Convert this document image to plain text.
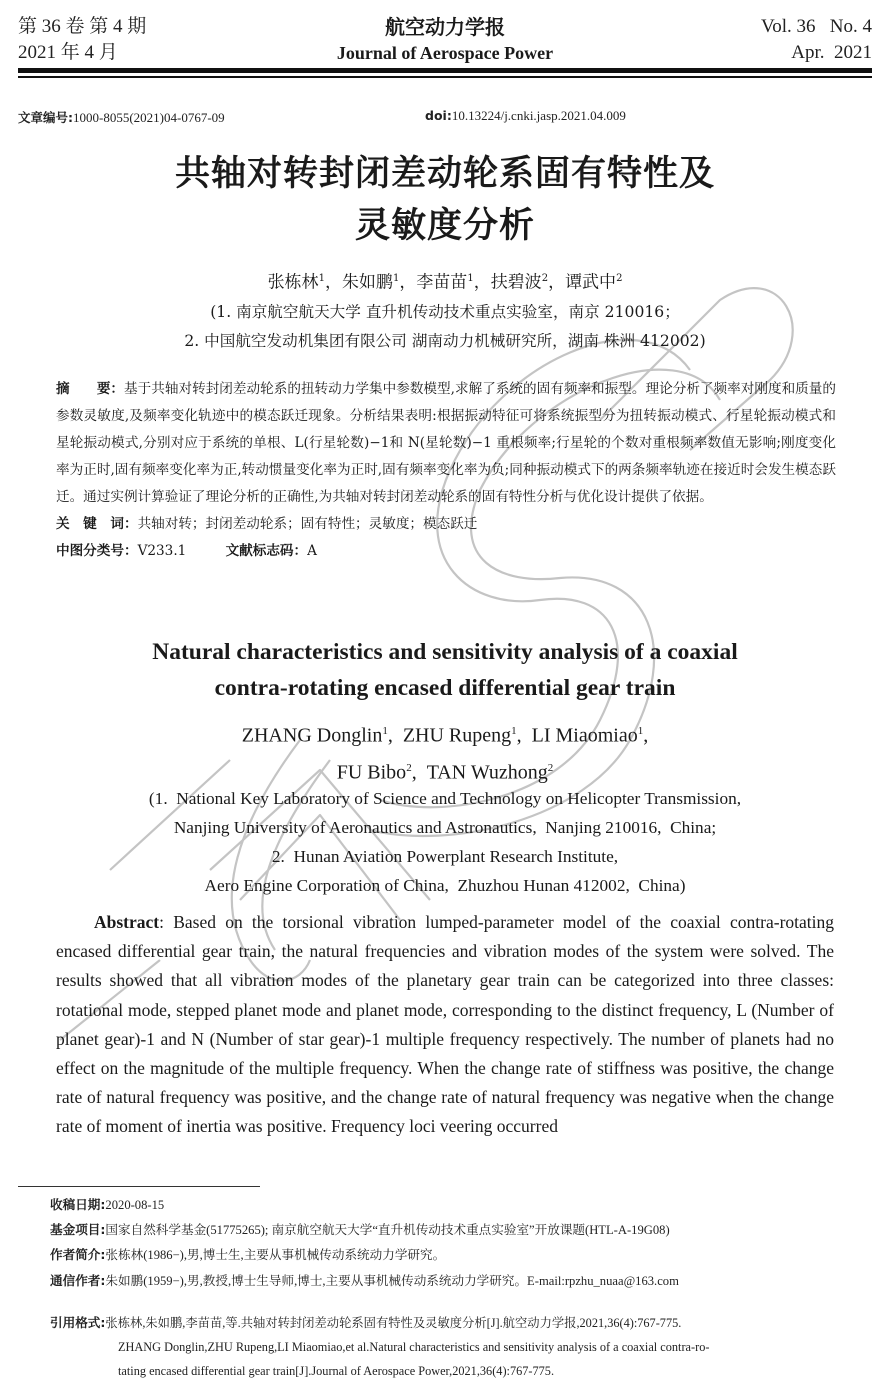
第 36 卷 第 4 期
2021 年 4 月
航空动力学报
Journal of Aerospace Power
Vol. 36   No. 4
Apr.  2021
文章编号:1000-8055(2021)04-0767-09	doi:10.13224/j.cnki.jasp.2021.04.009
共轴对转封闭差动轮系固有特性及
灵敏度分析
张栋林$^1$，朱如鹏$^1$，李苗苗$^1$，扶碧波$^2$，谭武中$^2$
(1. 南京航空航天大学 直升机传动技术重点实验室，南京 210016；
2. 中国航空发动机集团有限公司 湖南动力机械研究所，湖南 株洲 412002)
摘　　要：基于共轴对转封闭差动轮系的扭转动力学集中参数模型,求解了系统的固有频率和振型。理论分析了频率对刚度和质量的参数灵敏度,及频率变化轨迹中的模态跃迁现象。分析结果表明:根据振动特征可将系统振型分为扭转振动模式、行星轮振动模式和星轮振动模式,分别对应于系统的单根、L(行星轮数)−1和 N(星轮数)−1 重根频率;行星轮的个数对重根频率数值无影响;刚度变化率为正时,固有频率变化率为正,转动惯量变化率为正时,固有频率变化率为负;同种振动模式下的两条频率轨迹在接近时会发生模态跃迁。通过实例计算验证了理论分析的正确性,为共轴对转封闭差动轮系的固有特性分析与优化设计提供了依据。
关　键　词：共轴对转；封闭差动轮系；固有特性；灵敏度；模态跃迁
中图分类号：V233.1	文献标志码：A
Natural characteristics and sensitivity analysis of a coaxial
contra-rotating encased differential gear train
ZHANG Donglin$^1$,  ZHU Rupeng$^1$,  LI Miaomiao$^1$,
FU Bibo$^2$,  TAN Wuzhong$^2$
(1.  National Key Laboratory of Science and Technology on Helicopter Transmission,
Nanjing University of Aeronautics and Astronautics,  Nanjing 210016,  China;
2.  Hunan Aviation Powerplant Research Institute,
Aero Engine Corporation of China,  Zhuzhou Hunan 412002,  China)
Abstract: Based on the torsional vibration lumped-parameter model of the coaxial contra-rotating encased differential gear train, the natural frequencies and vibration modes of the system were solved. The results showed that all vibration modes of the planetary gear train can be categorized into three classes: rotational mode, stepped planet mode and planet mode, corresponding to the distinct frequency, L (Number of planet gear)-1 and N (Number of star gear)-1 multiple frequency respectively. The number of planets had no effect on the magnitude of the multiple frequency. When the change rate of stiffness was positive, the change rate of natural frequency was positive, and the change rate of natural frequency was negative when the change rate of moment of inertia was positive. Frequency loci veering occurred
收稿日期:2020-08-15
基金项目:国家自然科学基金(51775265); 南京航空航天大学“直升机传动技术重点实验室”开放课题(HTL-A-19G08)
作者简介:张栋林(1986−),男,博士生,主要从事机械传动系统动力学研究。
通信作者:朱如鹏(1959−),男,教授,博士生导师,博士,主要从事机械传动系统动力学研究。E-mail:rpzhu_nuaa@163.com
引用格式:张栋林,朱如鹏,李苗苗,等.共轴对转封闭差动轮系固有特性及灵敏度分析[J].航空动力学报,2021,36(4):767-775.
ZHANG Donglin,ZHU Rupeng,LI Miaomiao,et al.Natural characteristics and sensitivity analysis of a coaxial contra-ro-
tating encased differential gear train[J].Journal of Aerospace Power,2021,36(4):767-775.
